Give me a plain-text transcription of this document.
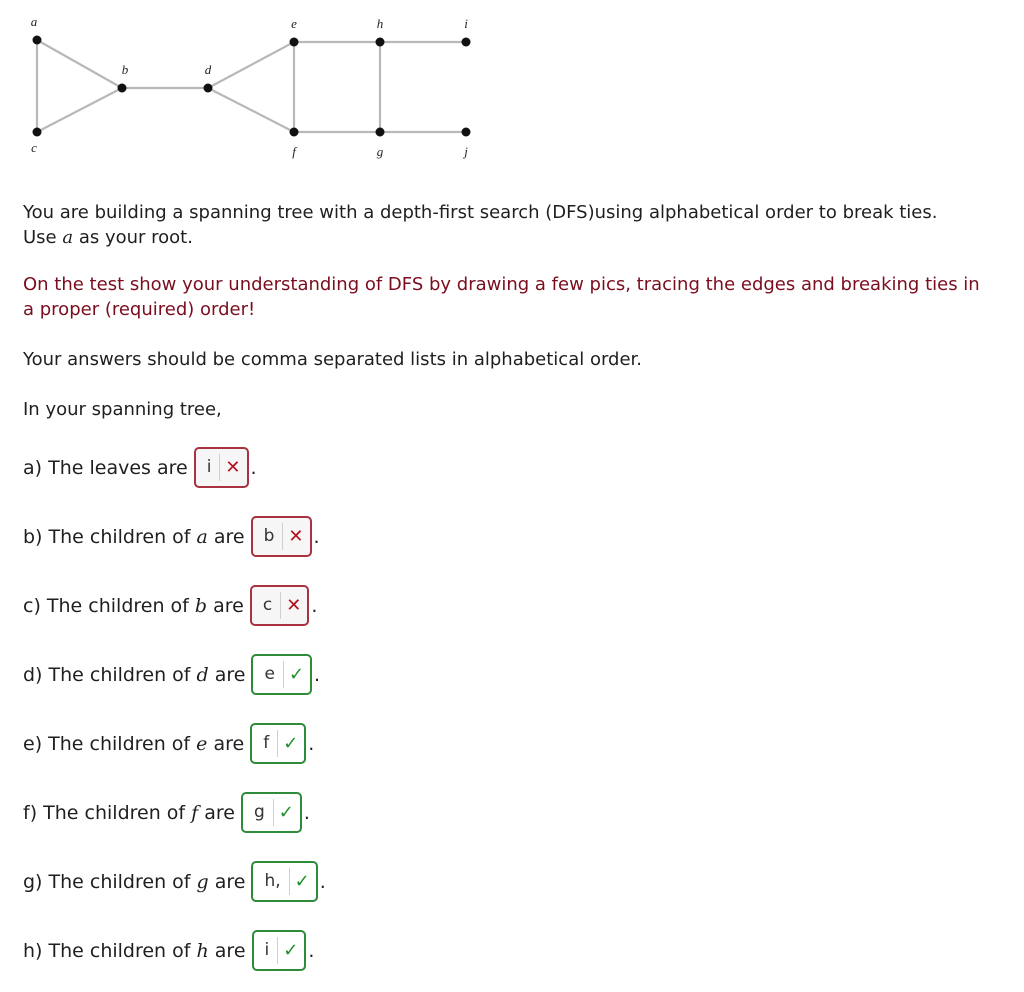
a
b
c
d
e
f	g
h	i
j

You are building a spanning tree with a depth-first search (DFS)using alphabetical order to break ties.
Use a as your root.

On the test show your understanding of DFS by drawing a few pics, tracing the edges and breaking ties in a proper (required) order!

Your answers should be comma separated lists in alphabetical order.

In your spanning tree,

a) The leaves are	i ✕ .
b) The children of a are	b ✕ .
c) The children of b are	c ✕ .
d) The children of d are	e ✓ .
e) The children of e are	f ✓ .
f) The children of f are	g ✓ .
g) The children of g are	h, ✓ .
h) The children of h are	i ✓ .
